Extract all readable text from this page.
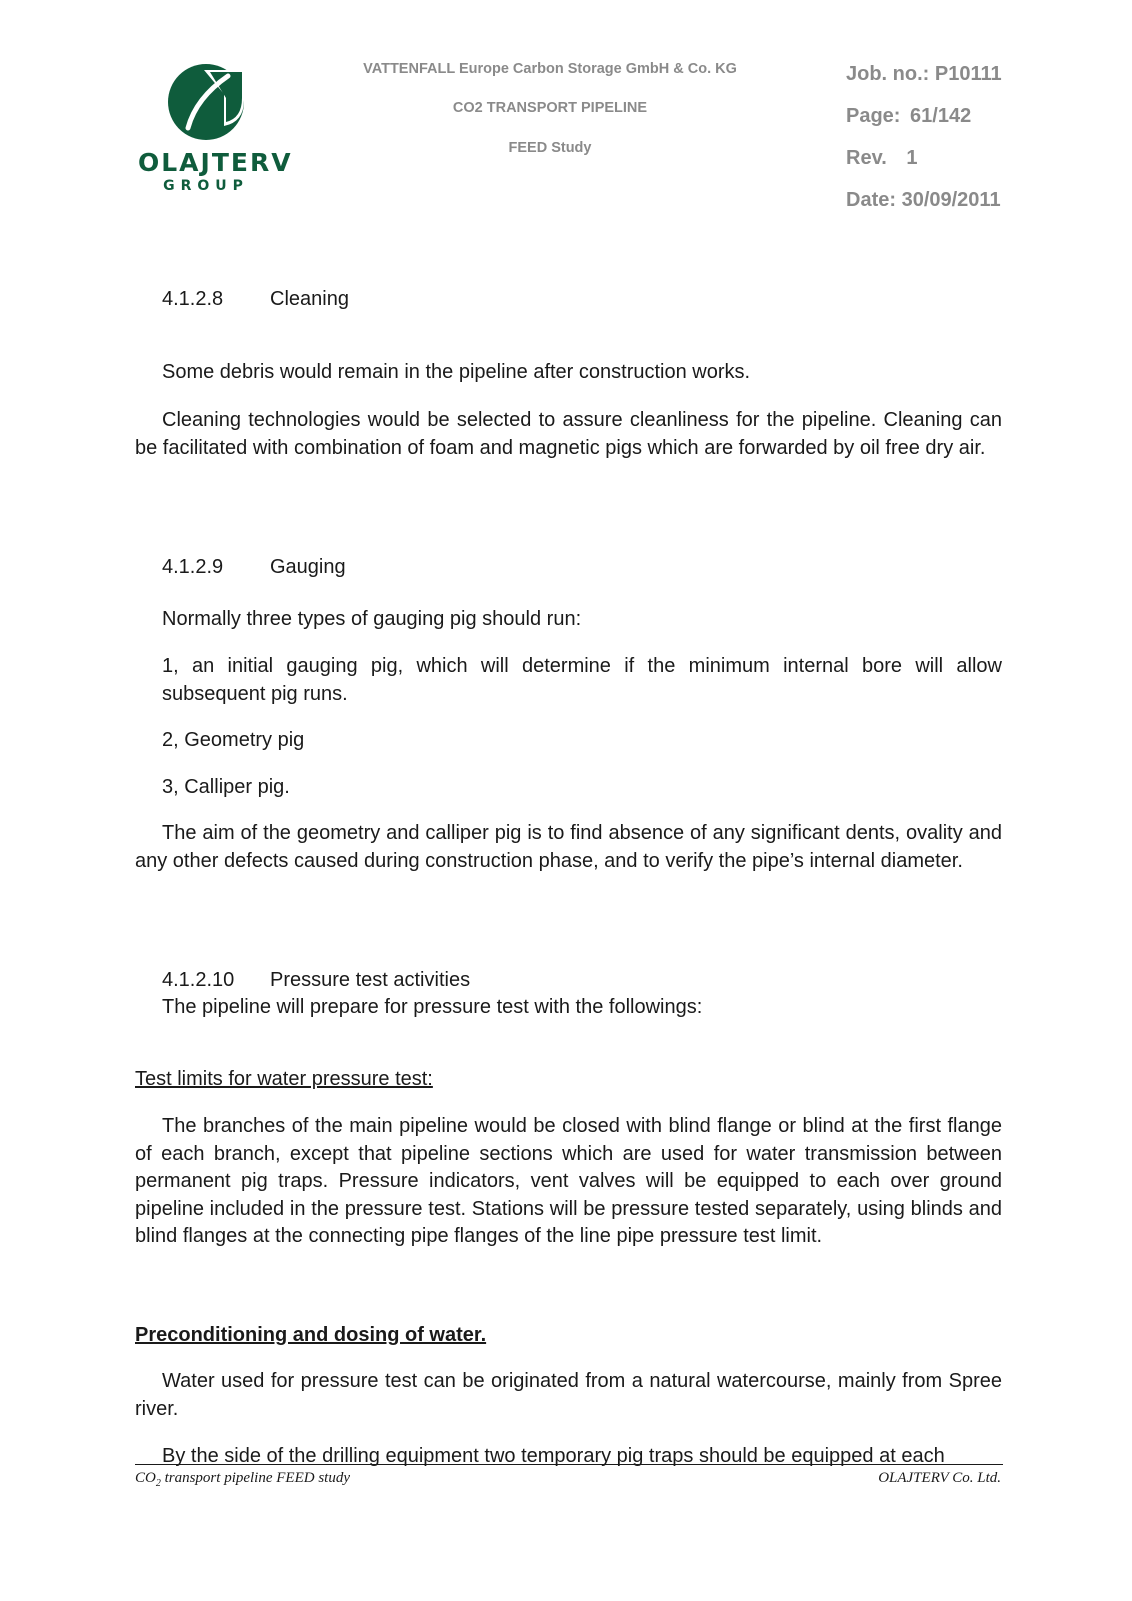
OLAJTERV
GROUP
VATTENFALL Europe Carbon Storage GmbH & Co. KG
CO2 TRANSPORT PIPELINE
FEED Study
Job. no.: P10111
Page: 61/142
Rev. 1
Date: 30/09/2011
4.1.2.8 Cleaning
Some debris would remain in the pipeline after construction works.
Cleaning technologies would be selected to assure cleanliness for the pipeline. Cleaning can be facilitated with combination of foam and magnetic pigs which are forwarded by oil free dry air.
4.1.2.9 Gauging
Normally three types of gauging pig should run:
1, an initial gauging pig, which will determine if the minimum internal bore will allow subsequent pig runs.
2, Geometry pig
3, Calliper pig.
The aim of the geometry and calliper pig is to find absence of any significant dents, ovality and any other defects caused during construction phase, and to verify the pipe’s internal diameter.
4.1.2.10 Pressure test activities
The pipeline will prepare for pressure test with the followings:
Test limits for water pressure test:
The branches of the main pipeline would be closed with blind flange or blind at the first flange of each branch, except that pipeline sections which are used for water transmission between permanent pig traps. Pressure indicators, vent valves will be equipped to each over ground pipeline included in the pressure test. Stations will be pressure tested separately, using blinds and blind flanges at the connecting pipe flanges of the line pipe pressure test limit.
Preconditioning and dosing of water.
Water used for pressure test can be originated from a natural watercourse, mainly from Spree river.
By the side of the drilling equipment two temporary pig traps should be equipped at each
$CO_2$ transport pipeline FEED study	OLAJTERV Co. Ltd.
